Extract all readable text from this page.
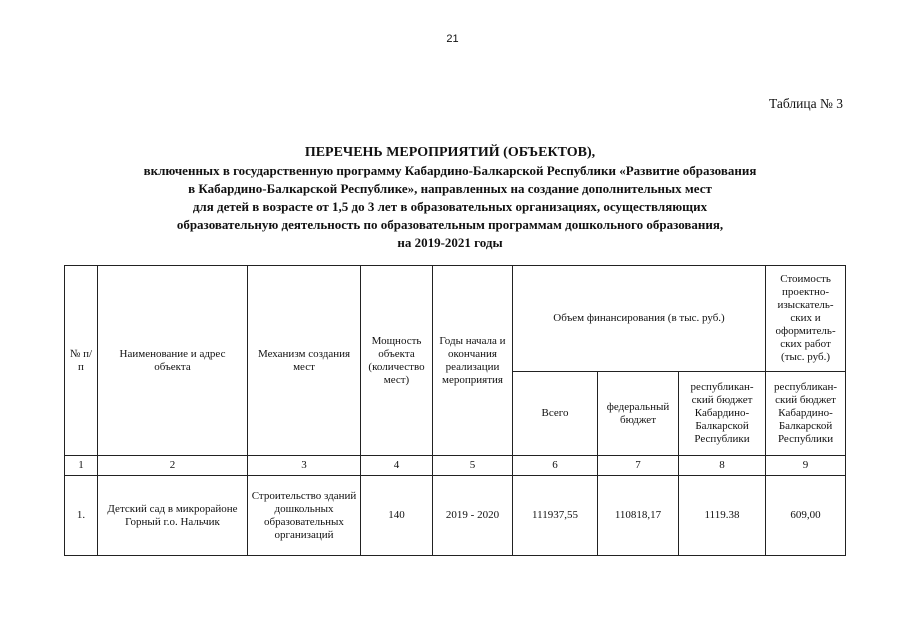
21
Таблица № 3
ПЕРЕЧЕНЬ МЕРОПРИЯТИЙ (ОБЪЕКТОВ),
включенных в государственную программу Кабардино-Балкарской Республики «Развитие образования
в Кабардино-Балкарской Республике», направленных на создание дополнительных мест
для детей в возрасте от 1,5 до 3 лет в образовательных организациях, осуществляющих
образовательную деятельность по образовательным программам дошкольного образования,
на 2019-2021 годы
№ п/п	Наименование и адрес объекта	Механизм создания мест	Мощность объекта (количество мест)	Годы начала и окончания реализации мероприятия	Объем финансирования (в тыс. руб.)			Стоимость проектно-изыскатель-ских и оформитель-ских работ (тыс. руб.)
					Всего	федеральный бюджет	республикан-ский бюджет Кабардино-Балкарской Республики	республикан-ский бюджет Кабардино-Балкарской Республики
1	2	3	4	5	6	7	8	9
1.	Детский сад в микрорайоне Горный г.о. Нальчик	Строительство зданий дошкольных образовательных организаций	140	2019 - 2020	111937,55	110818,17	1119.38	609,00
